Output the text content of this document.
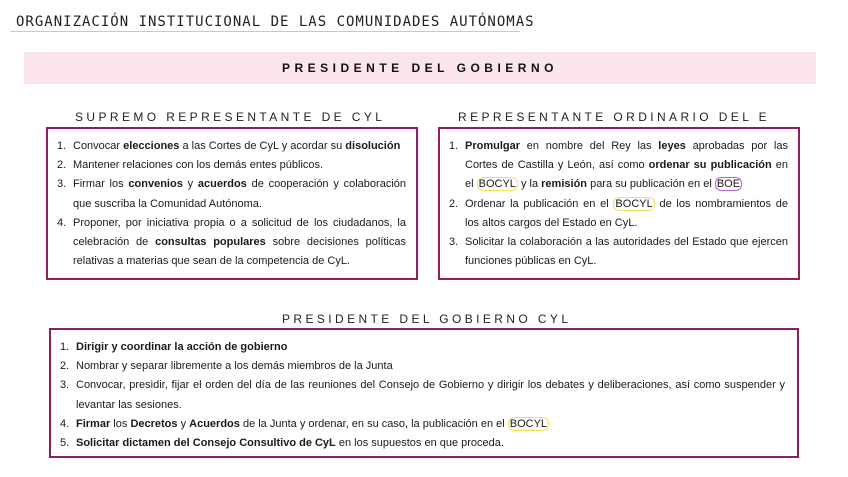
ORGANIZACIÓN INSTITUCIONAL DE LAS COMUNIDADES AUTÓNOMAS
PRESIDENTE DEL GOBIERNO
SUPREMO REPRESENTANTE DE CYL
1. Convocar elecciones a las Cortes de CyL y acordar su disolución
2. Mantener relaciones con los demás entes públicos.
3. Firmar los convenios y acuerdos de cooperación y colaboración que suscriba la Comunidad Autónoma.
4. Proponer, por iniciativa propia o a solicitud de los ciudadanos, la celebración de consultas populares sobre decisiones políticas relativas a materias que sean de la competencia de CyL.
REPRESENTANTE ORDINARIO DEL E
1. Promulgar en nombre del Rey las leyes aprobadas por las Cortes de Castilla y León, así como ordenar su publicación en el BOCYL y la remisión para su publicación en el BOE
2. Ordenar la publicación en el BOCYL de los nombramientos de los altos cargos del Estado en CyL.
3. Solicitar la colaboración a las autoridades del Estado que ejercen funciones públicas en CyL.
PRESIDENTE DEL GOBIERNO CYL
1. Dirigir y coordinar la acción de gobierno
2. Nombrar y separar libremente a los demás miembros de la Junta
3. Convocar, presidir, fijar el orden del día de las reuniones del Consejo de Gobierno y dirigir los debates y deliberaciones, así como suspender y levantar las sesiones.
4. Firmar los Decretos y Acuerdos de la Junta y ordenar, en su caso, la publicación en el BOCYL
5. Solicitar dictamen del Consejo Consultivo de CyL en los supuestos en que proceda.
